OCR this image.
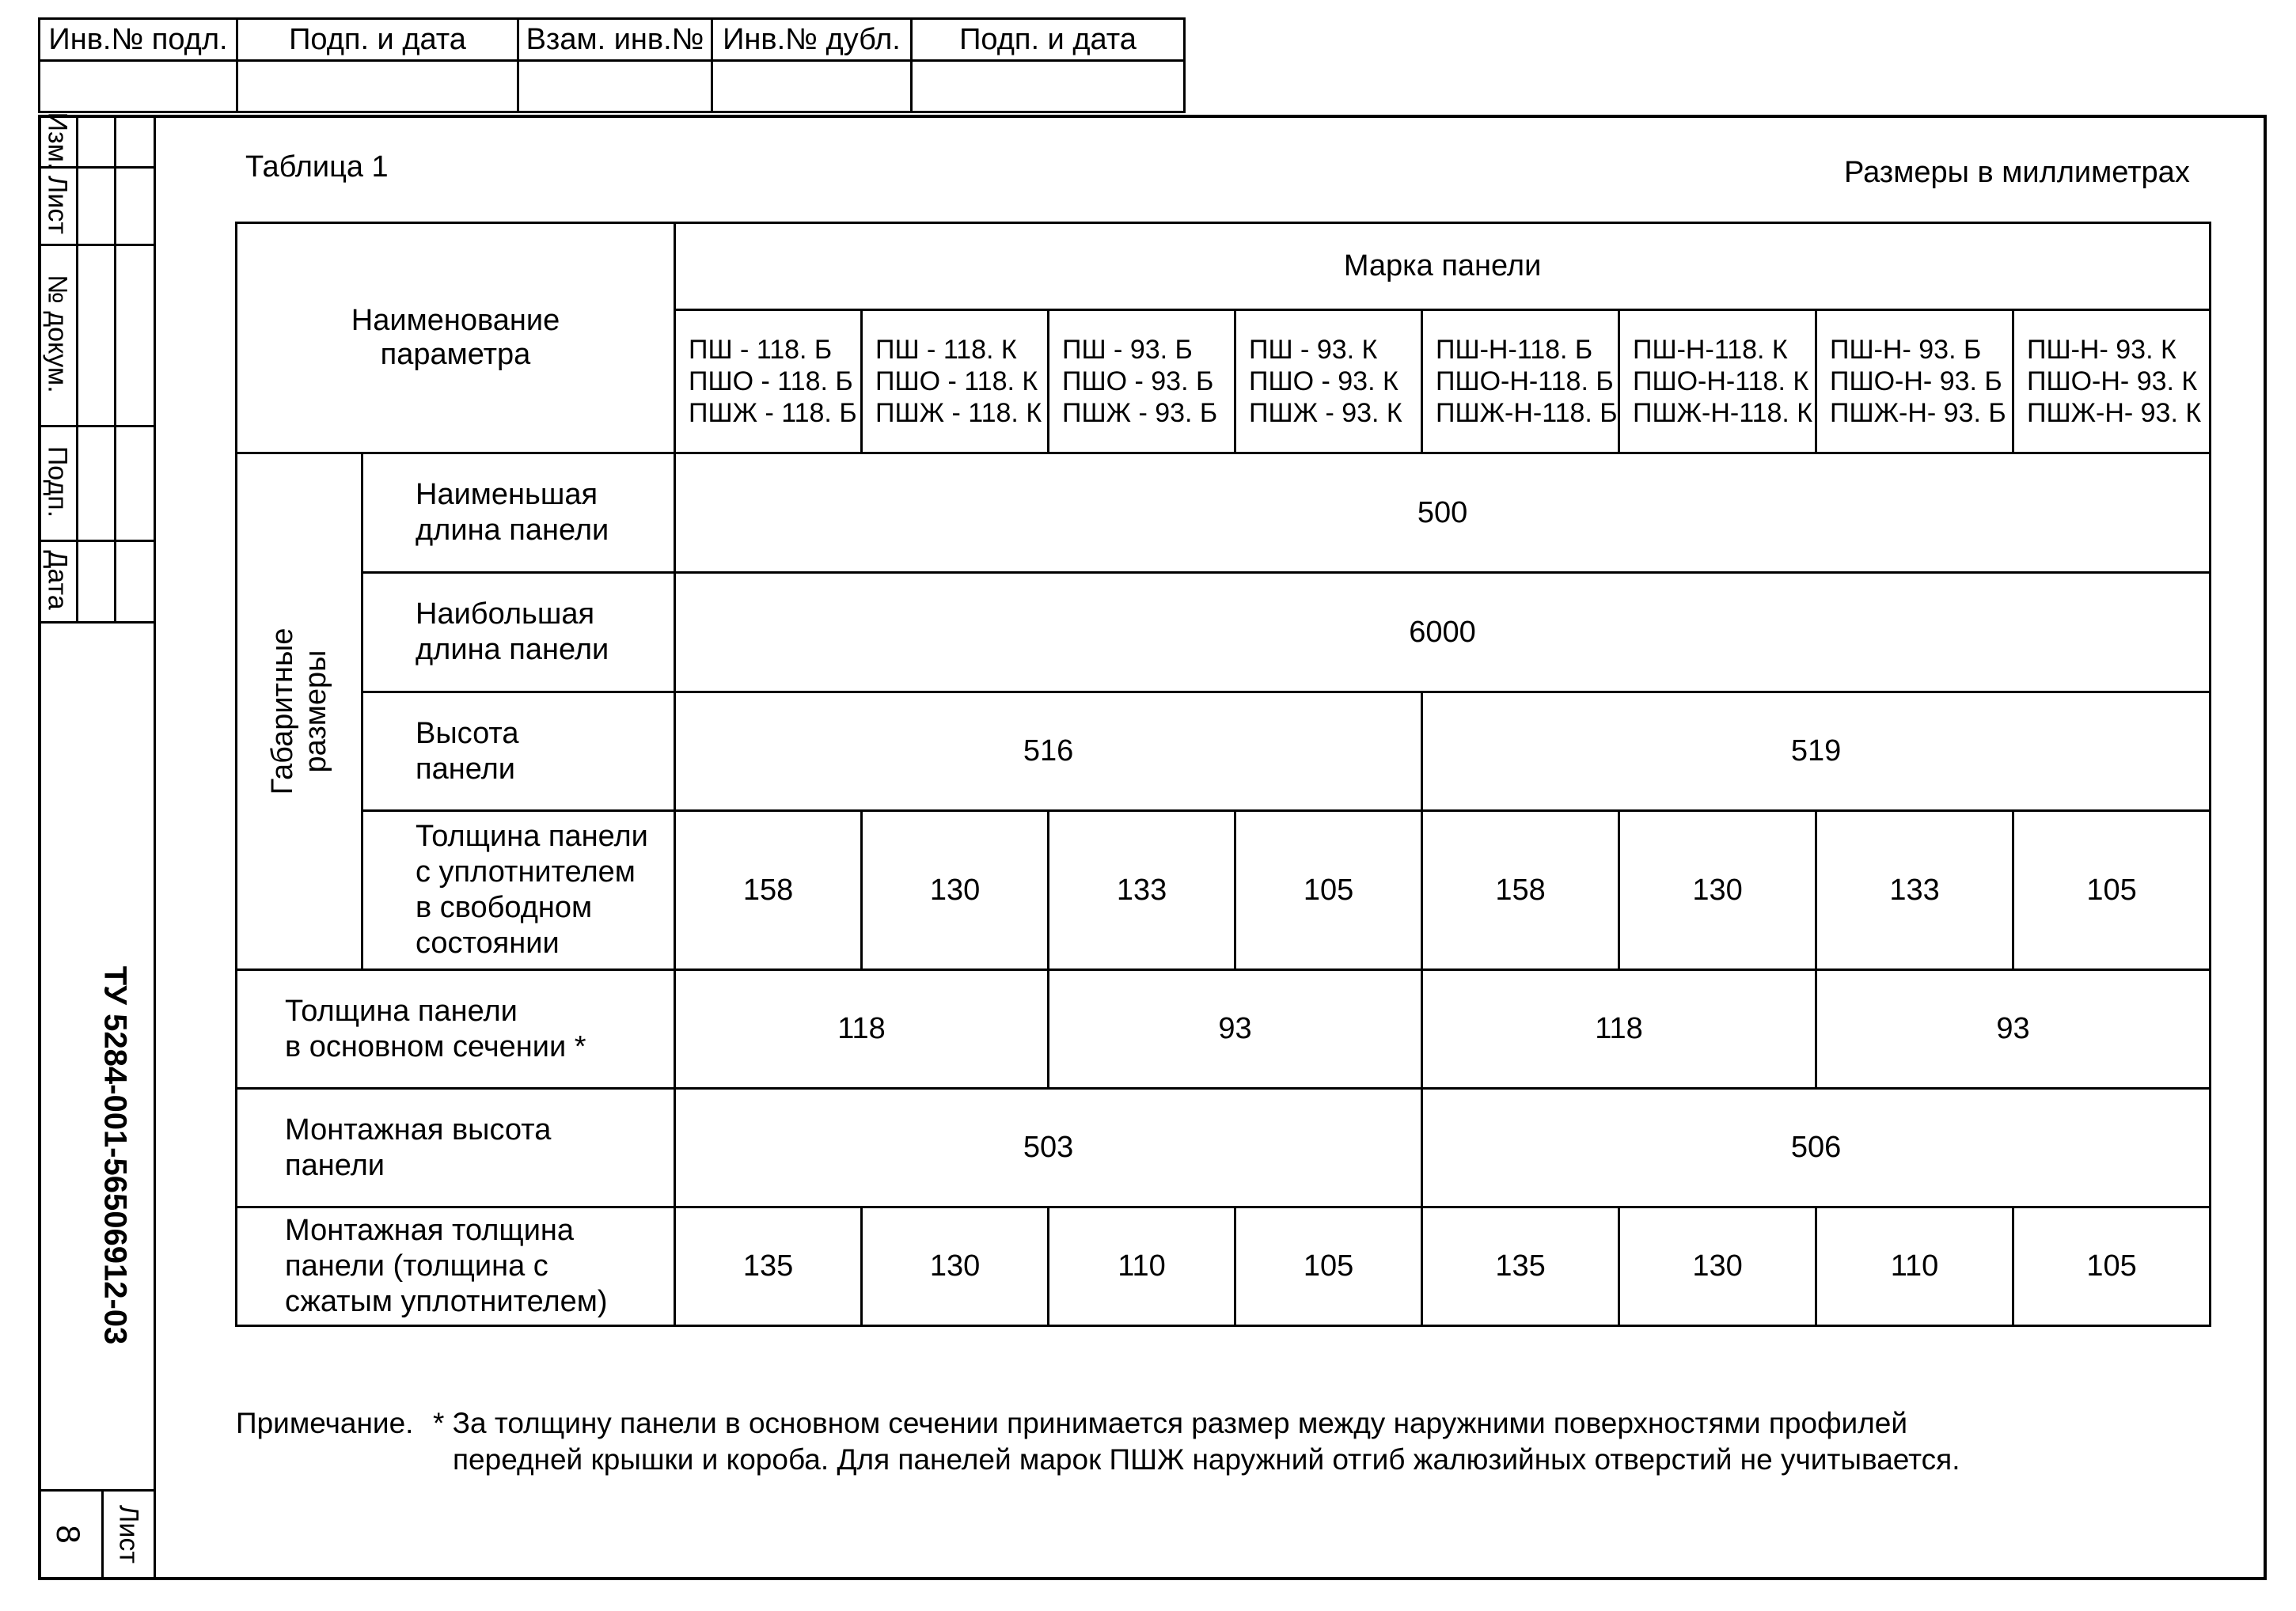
Инв.№ подл.	Подп. и дата	Взам. инв.№	Инв.№ дубл.	Подп. и дата

Изм.
Лист
№ докум.
Подп.
Дата
ТУ 5284-001-56506912-03
Лист
8
Таблица 1	Размеры в миллиметрах
Наименование
параметра		Марка панели							

		ПШ - 118. Б
ПШО - 118. Б
ПШЖ - 118. Б	ПШ - 118. К
ПШО - 118. К
ПШЖ - 118. К	ПШ - 93. Б
ПШО - 93. Б
ПШЖ - 93. Б	ПШ - 93. К
ПШО - 93. К
ПШЖ - 93. К	ПШ-Н-118. Б
ПШО-Н-118. Б
ПШЖ-Н-118. Б	ПШ-Н-118. К
ПШО-Н-118. К
ПШЖ-Н-118. К	ПШ-Н- 93. Б
ПШО-Н- 93. Б
ПШЖ-Н- 93. Б	ПШ-Н- 93. К
ПШО-Н- 93. К
ПШЖ-Н- 93. К

Габаритные размеры	Наименьшая
длина панели	500							

	Наибольшая
длина панели	6000							

	Высота
панели	516				519			

	Толщина панели
с уплотнителем
в свободном
состоянии	158	130	133	105	158	130	133	105

Толщина панели
в основном сечении *		118		93		118		93	

Монтажная высота
панели		503				506			

Монтажная толщина
панели (толщина с
сжатым уплотнителем)		135	130	110	105	135	130	110	105
Примечание. * За толщину панели в основном сечении принимается размер между наружними поверхностями профилей
передней крышки и короба. Для панелей марок ПШЖ наружний отгиб жалюзийных отверстий не учитывается.
